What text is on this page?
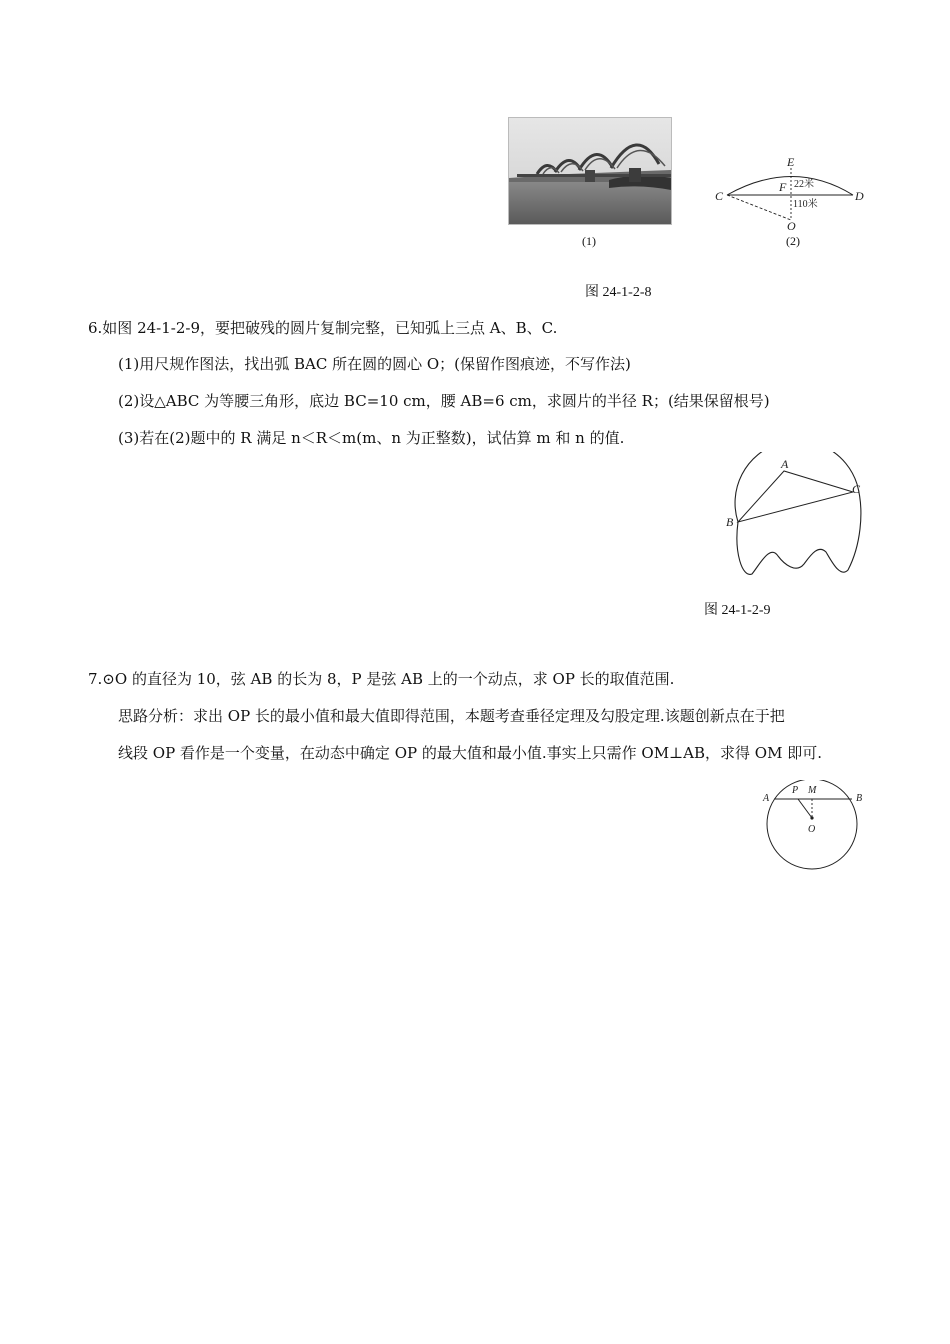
(1)
E
F
C	D
O
22米
110米
(2)
图 24-1-2-8
6.如图 24-1-2-9，要把破残的圆片复制完整，已知弧上三点 A、B、C.
(1)用尺规作图法，找出弧 BAC 所在圆的圆心 O；(保留作图痕迹，不写作法)
(2)设△ABC 为等腰三角形，底边 BC=10 cm，腰 AB=6 cm，求圆片的半径 R；(结果保留根号)
(3)若在(2)题中的 R 满足 n＜R＜m(m、n 为正整数)，试估算 m 和 n 的值.
A
B
C
图 24-1-2-9
7.⊙O 的直径为 10，弦 AB 的长为 8，P 是弦 AB 上的一个动点，求 OP 长的取值范围.
思路分析：求出 OP 长的最小值和最大值即得范围，本题考查垂径定理及勾股定理.该题创新点在于把
线段 OP 看作是一个变量，在动态中确定 OP 的最大值和最小值.事实上只需作 OM⊥AB，求得 OM 即可.
A
P M
B
O
